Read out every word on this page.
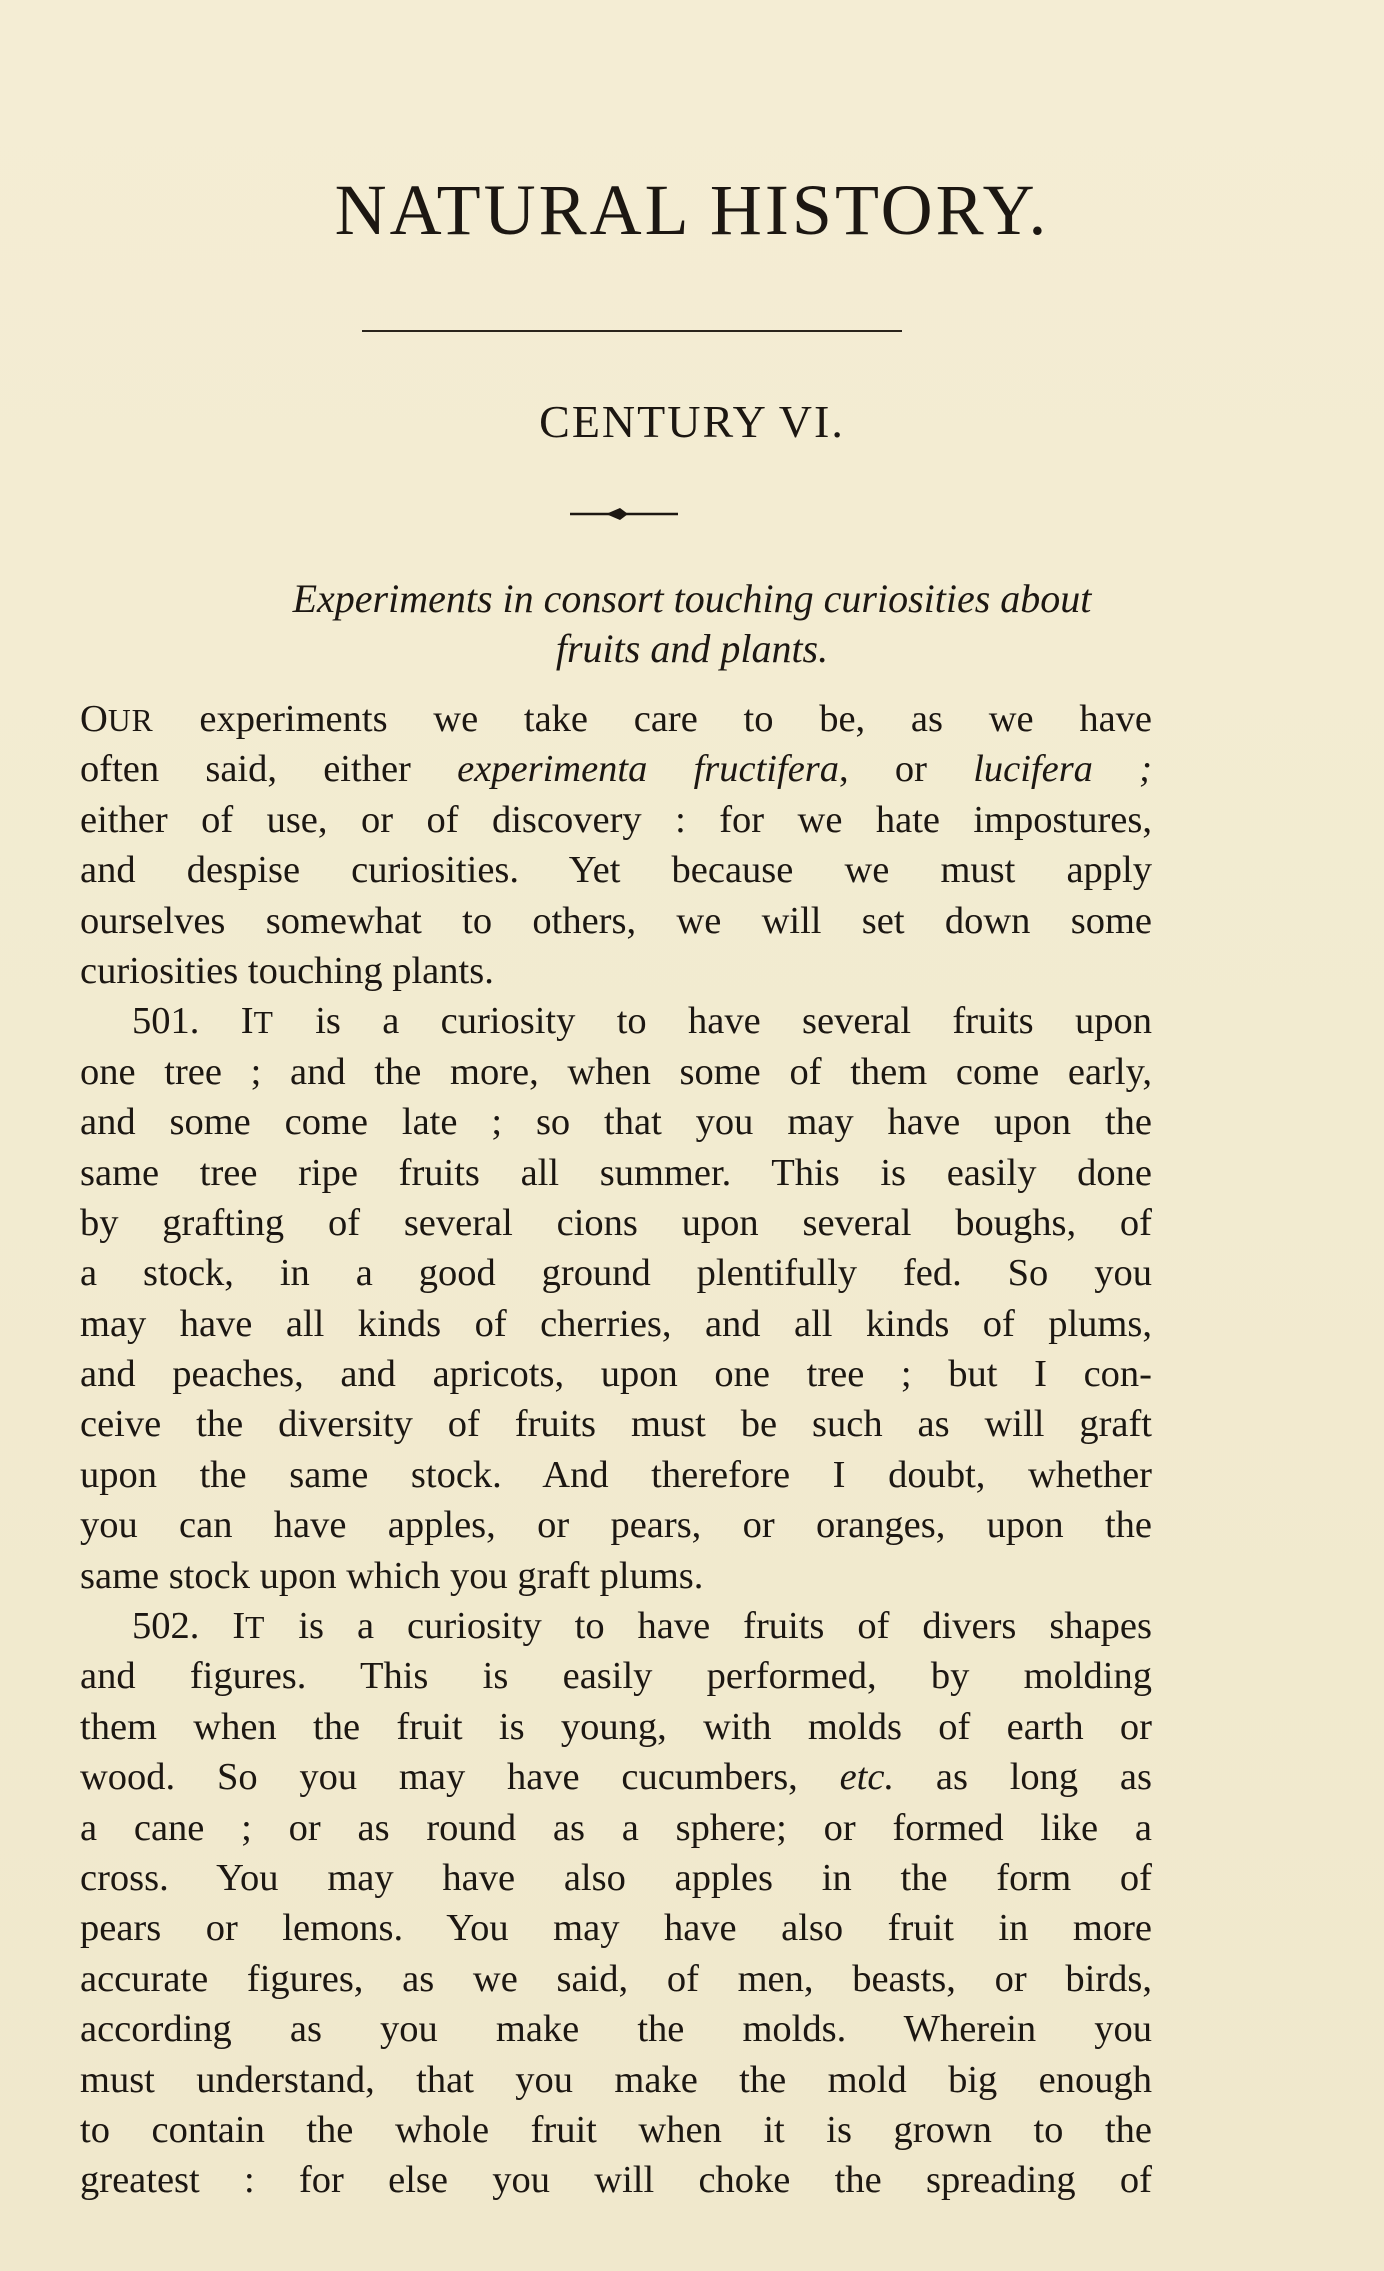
NATURAL HISTORY.
CENTURY VI.
Experiments in consort touching curiosities about
fruits and plants.
OUR experiments we take care to be, as we have
often said, either experimenta fructifera, or lucifera ;
either of use, or of discovery : for we hate impostures,
and despise curiosities. Yet because we must apply
ourselves somewhat to others, we will set down some
curiosities touching plants.
501. IT is a curiosity to have several fruits upon
one tree ; and the more, when some of them come early,
and some come late ; so that you may have upon the
same tree ripe fruits all summer. This is easily done
by grafting of several cions upon several boughs, of
a stock, in a good ground plentifully fed. So you
may have all kinds of cherries, and all kinds of plums,
and peaches, and apricots, upon one tree ; but I con-
ceive the diversity of fruits must be such as will graft
upon the same stock. And therefore I doubt, whether
you can have apples, or pears, or oranges, upon the
same stock upon which you graft plums.
502. IT is a curiosity to have fruits of divers shapes
and figures. This is easily performed, by molding
them when the fruit is young, with molds of earth or
wood. So you may have cucumbers, etc. as long as
a cane ; or as round as a sphere; or formed like a
cross. You may have also apples in the form of
pears or lemons. You may have also fruit in more
accurate figures, as we said, of men, beasts, or birds,
according as you make the molds. Wherein you
must understand, that you make the mold big enough
to contain the whole fruit when it is grown to the
greatest : for else you will choke the spreading of
